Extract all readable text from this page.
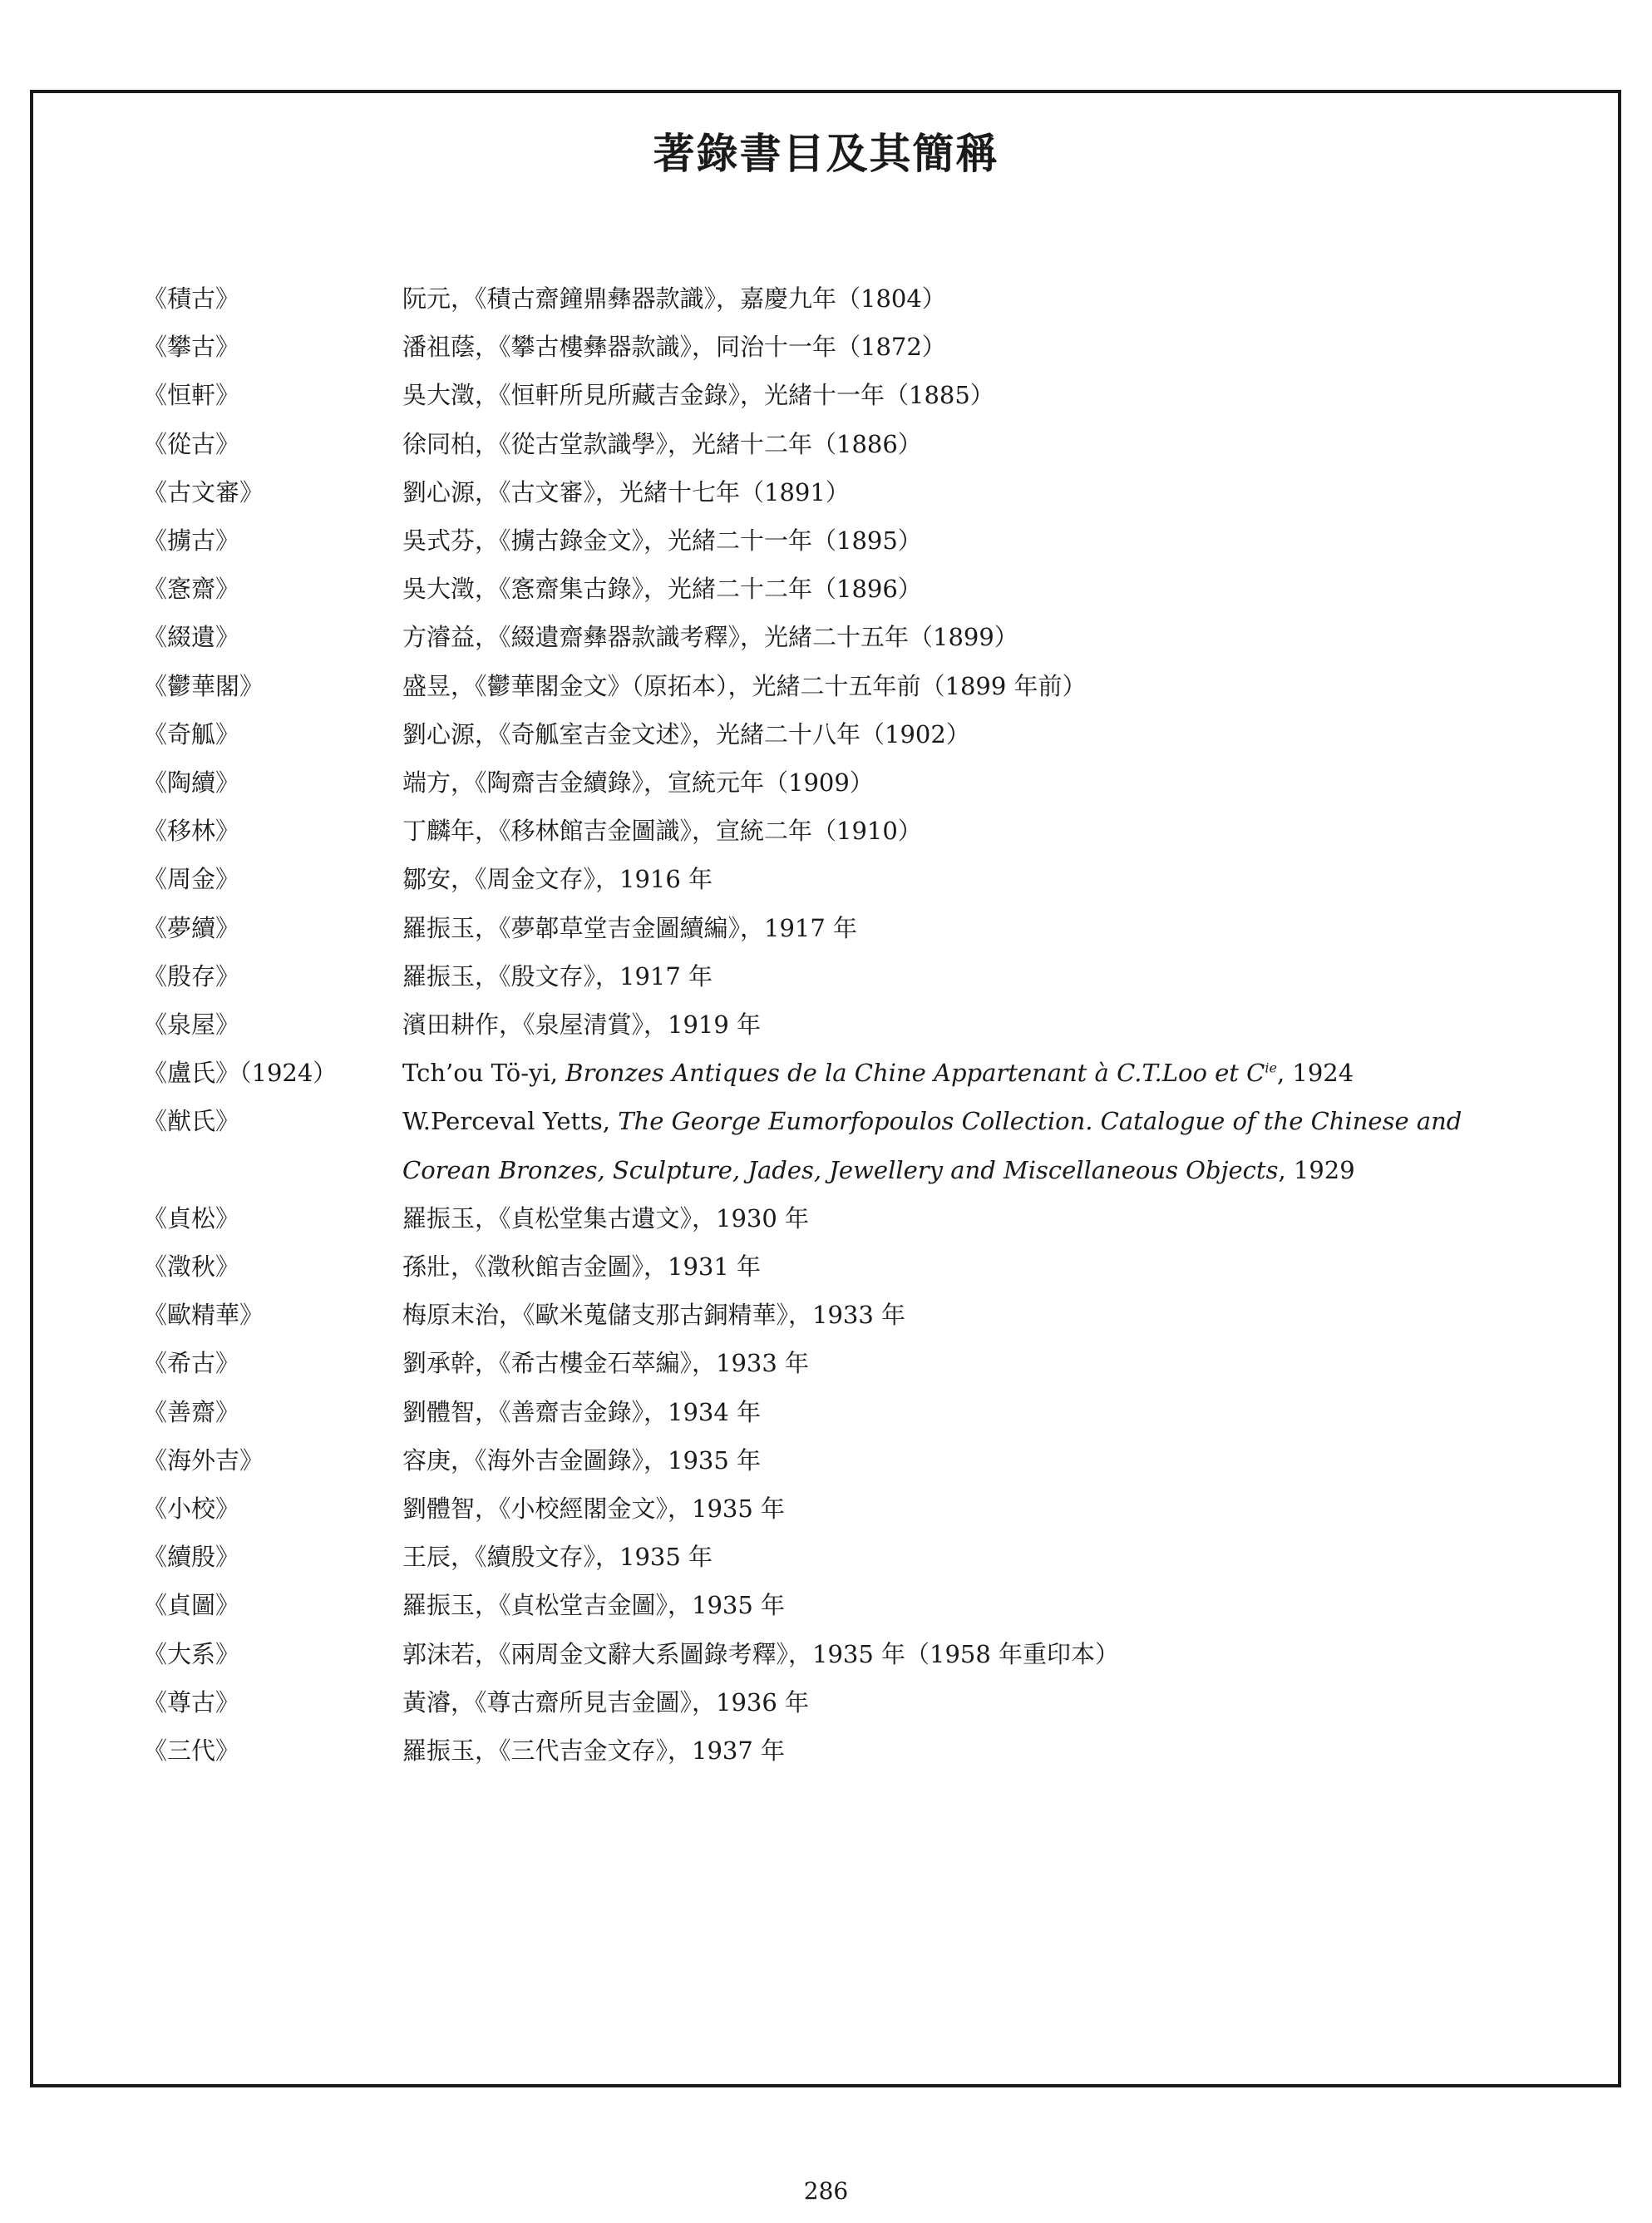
著錄書目及其簡稱
《積古》	阮元，《積古齋鐘鼎彝器款識》，嘉慶九年（1804）
《攀古》	潘祖蔭，《攀古樓彝器款識》，同治十一年（1872）
《恒軒》	吳大澂，《恒軒所見所藏吉金錄》，光緒十一年（1885）
《從古》	徐同柏，《從古堂款識學》，光緒十二年（1886）
《古文審》	劉心源，《古文審》，光緒十七年（1891）
《擄古》	吳式芬，《擄古錄金文》，光緒二十一年（1895）
《愙齋》	吳大澂，《愙齋集古錄》，光緒二十二年（1896）
《綴遺》	方濬益，《綴遺齋彝器款識考釋》，光緒二十五年（1899）
《鬱華閣》	盛昱，《鬱華閣金文》（原拓本），光緒二十五年前（1899 年前）
《奇觚》	劉心源，《奇觚室吉金文述》，光緒二十八年（1902）
《陶續》	端方，《陶齋吉金續錄》，宣統元年（1909）
《移林》	丁麟年，《移林館吉金圖識》，宣統二年（1910）
《周金》	鄒安，《周金文存》，1916 年
《夢續》	羅振玉，《夢郼草堂吉金圖續編》，1917 年
《殷存》	羅振玉，《殷文存》，1917 年
《泉屋》	濱田耕作，《泉屋清賞》，1919 年
《盧氏》（1924）	Tch’ou Tö-yi, Bronzes Antiques de la Chine Appartenant à C.T.Loo et $C^{ie}$, 1924
《猷氏》	W.Perceval Yetts, The George Eumorfopoulos Collection. Catalogue of the Chinese and Corean Bronzes, Sculpture, Jades, Jewellery and Miscellaneous Objects, 1929
《貞松》	羅振玉，《貞松堂集古遺文》，1930 年
《澂秋》	孫壯，《澂秋館吉金圖》，1931 年
《歐精華》	梅原末治，《歐米蒐儲支那古銅精華》，1933 年
《希古》	劉承幹，《希古樓金石萃編》，1933 年
《善齋》	劉體智，《善齋吉金錄》，1934 年
《海外吉》	容庚，《海外吉金圖錄》，1935 年
《小校》	劉體智，《小校經閣金文》，1935 年
《續殷》	王辰，《續殷文存》，1935 年
《貞圖》	羅振玉，《貞松堂吉金圖》，1935 年
《大系》	郭沫若，《兩周金文辭大系圖錄考釋》，1935 年（1958 年重印本）
《尊古》	黃濬，《尊古齋所見吉金圖》，1936 年
《三代》	羅振玉，《三代吉金文存》，1937 年
286
